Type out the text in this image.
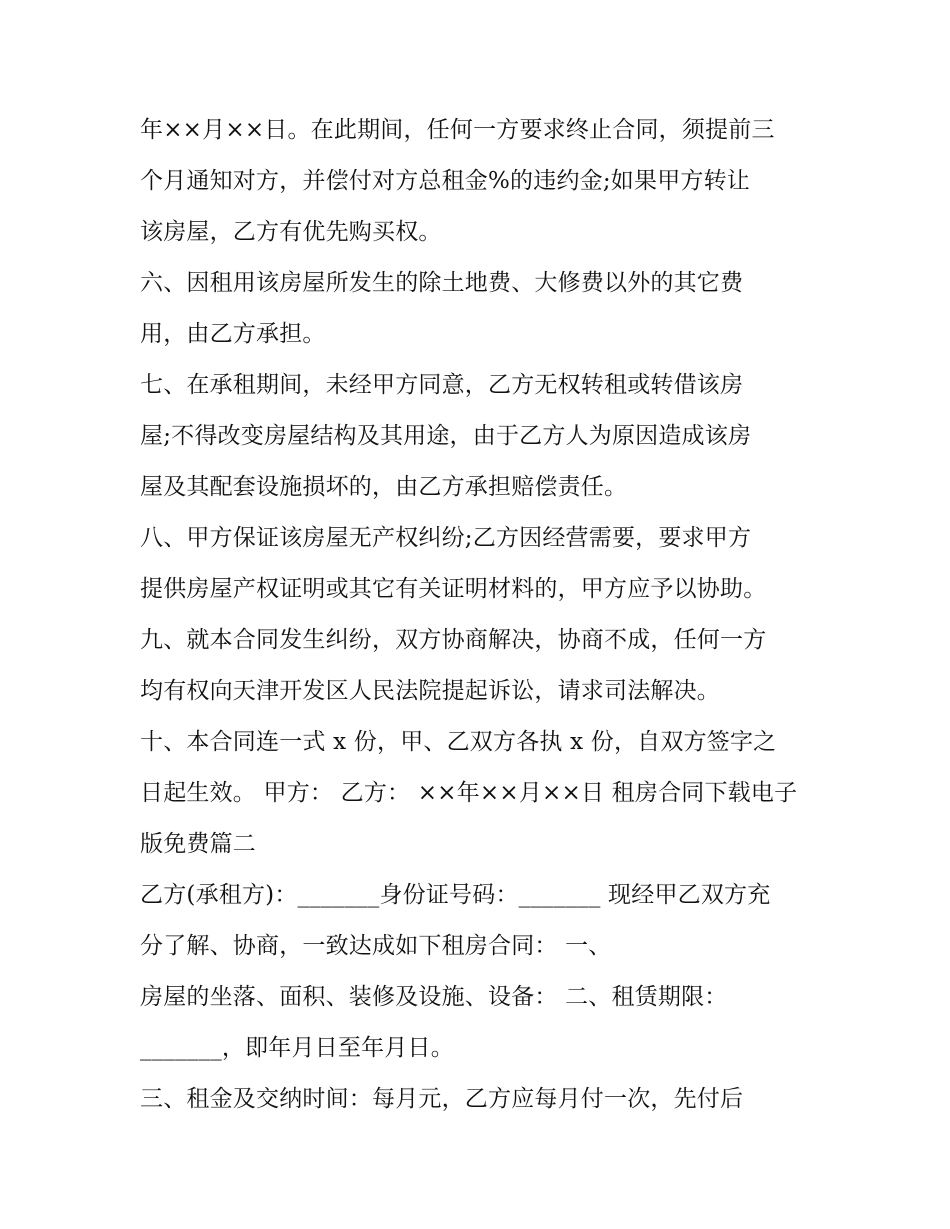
年××月××日。在此期间，任何一方要求终止合同，须提前三
个月通知对方，并偿付对方总租金%的违约金;如果甲方转让
该房屋，乙方有优先购买权。
六、因租用该房屋所发生的除土地费、大修费以外的其它费
用，由乙方承担。
七、在承租期间，未经甲方同意，乙方无权转租或转借该房
屋;不得改变房屋结构及其用途，由于乙方人为原因造成该房
屋及其配套设施损坏的，由乙方承担赔偿责任。
八、甲方保证该房屋无产权纠纷;乙方因经营需要，要求甲方
提供房屋产权证明或其它有关证明材料的，甲方应予以协助。
九、就本合同发生纠纷，双方协商解决，协商不成，任何一方
均有权向天津开发区人民法院提起诉讼，请求司法解决。
十、本合同连一式 x 份，甲、乙双方各执 x 份，自双方签字之
日起生效。 甲方： 乙方： ××年××月××日 租房合同下载电子
版免费篇二
乙方(承租方)：_______身份证号码：_______ 现经甲乙双方充
分了解、协商，一致达成如下租房合同： 一、
房屋的坐落、面积、装修及设施、设备： 二、租赁期限：
_______，即年月日至年月日。
三、租金及交纳时间：每月元，乙方应每月付一次，先付后
